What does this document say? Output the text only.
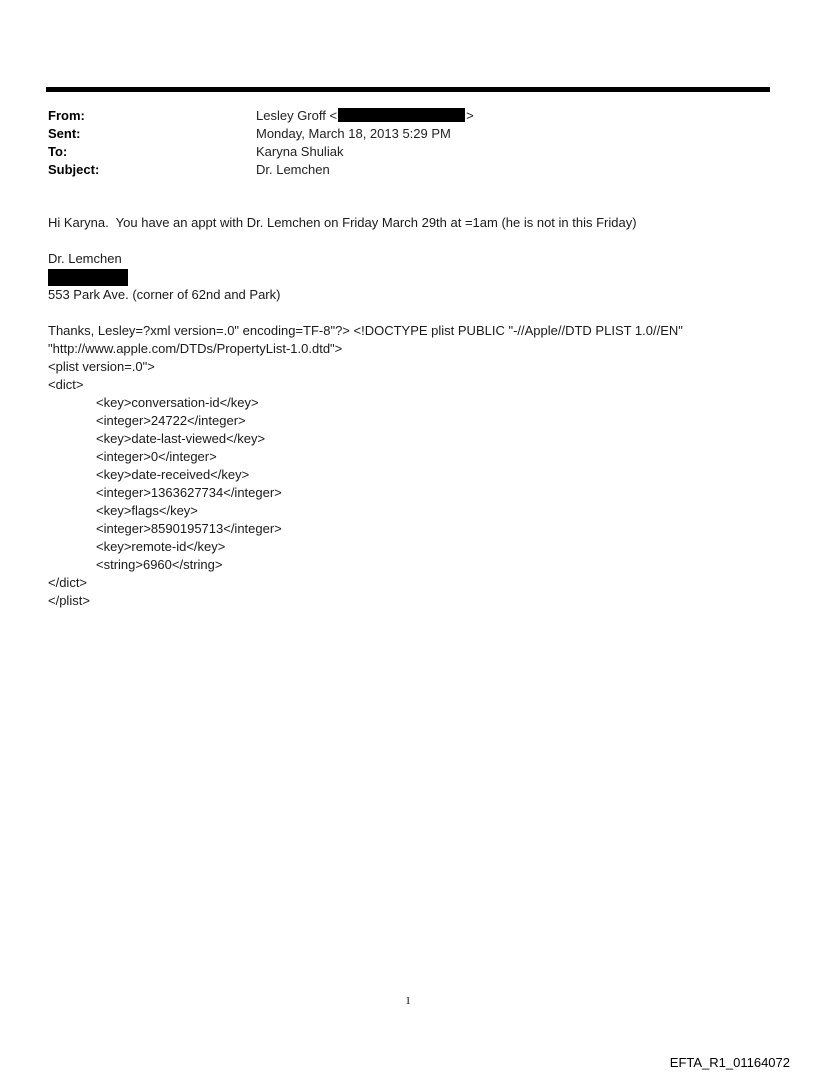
From:	Lesley Groff <	>
Sent:	Monday, March 18, 2013 5:29 PM
To:	Karyna Shuliak
Subject:	Dr. Lemchen
Hi Karyna.  You have an appt with Dr. Lemchen on Friday March 29th at =1am (he is not in this Friday)
Dr. Lemchen
553 Park Ave. (corner of 62nd and Park)
Thanks, Lesley=?xml version=.0" encoding=TF-8"?> <!DOCTYPE plist PUBLIC "-//Apple//DTD PLIST 1.0//EN"
"http://www.apple.com/DTDs/PropertyList-1.0.dtd">
<plist version=.0">
<dict>
<key>conversation-id</key>
<integer>24722</integer>
<key>date-last-viewed</key>
<integer>0</integer>
<key>date-received</key>
<integer>1363627734</integer>
<key>flags</key>
<integer>8590195713</integer>
<key>remote-id</key>
<string>6960</string>
</dict>
</plist>
1
EFTA_R1_01164072
